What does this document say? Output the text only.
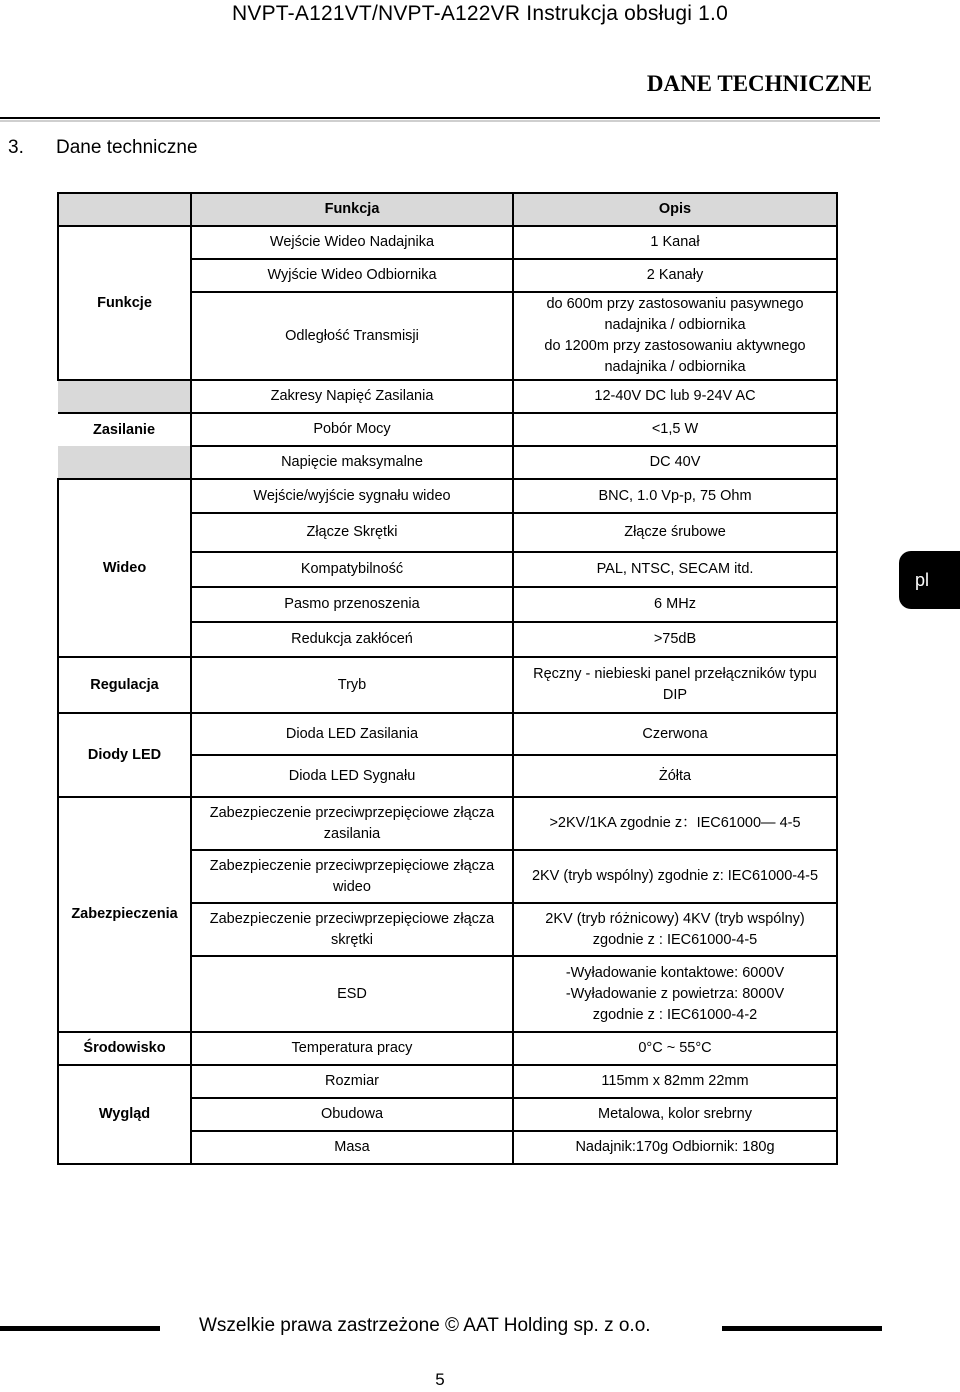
NVPT-A121VT/NVPT-A122VR Instrukcja obsługi 1.0
DANE TECHNICZNE
3. Dane techniczne
	Funkcja	Opis
Funkcje	Wejście Wideo Nadajnika	1 Kanał
	Wyjście Wideo Odbiornika	2 Kanały
	Odległość Transmisji	do 600m przy zastosowaniu pasywnego
nadajnika / odbiornika
do 1200m przy zastosowaniu aktywnego
nadajnika / odbiornika

	Zakresy Napięć Zasilania	12-40V DC lub 9-24V AC
Zasilanie	Pobór Mocy	<1,5 W
	Napięcie maksymalne	DC 40V
Wideo	Wejście/wyjście sygnału wideo	BNC, 1.0 Vp-p, 75 Ohm
	Złącze Skrętki	Złącze śrubowe
	Kompatybilność	PAL, NTSC, SECAM itd.
	Pasmo przenoszenia	6 MHz
	Redukcja zakłóceń	>75dB
Regulacja	Tryb	Ręczny - niebieski panel przełączników typu DIP
Diody LED	Dioda LED Zasilania	Czerwona
	Dioda LED Sygnału	Żółta
Zabezpieczenia	Zabezpieczenie przeciwprzepięciowe złącza zasilania	>2KV/1KA zgodnie z：IEC61000— 4-5
	Zabezpieczenie przeciwprzepięciowe złącza wideo	2KV (tryb wspólny) zgodnie z: IEC61000-4-5
	Zabezpieczenie przeciwprzepięciowe złącza skrętki	2KV (tryb różnicowy) 4KV (tryb wspólny) zgodnie z : IEC61000-4-5
	ESD	-Wyładowanie kontaktowe: 6000V
-Wyładowanie z powietrza: 8000V
zgodnie z : IEC61000-4-2

Środowisko	Temperatura pracy	0°C ~ 55°C
Wygląd	Rozmiar	115mm x 82mm 22mm
	Obudowa	Metalowa, kolor srebrny
	Masa	Nadajnik:170g Odbiornik: 180g
pl
Wszelkie prawa zastrzeżone © AAT Holding sp. z o.o.
5
